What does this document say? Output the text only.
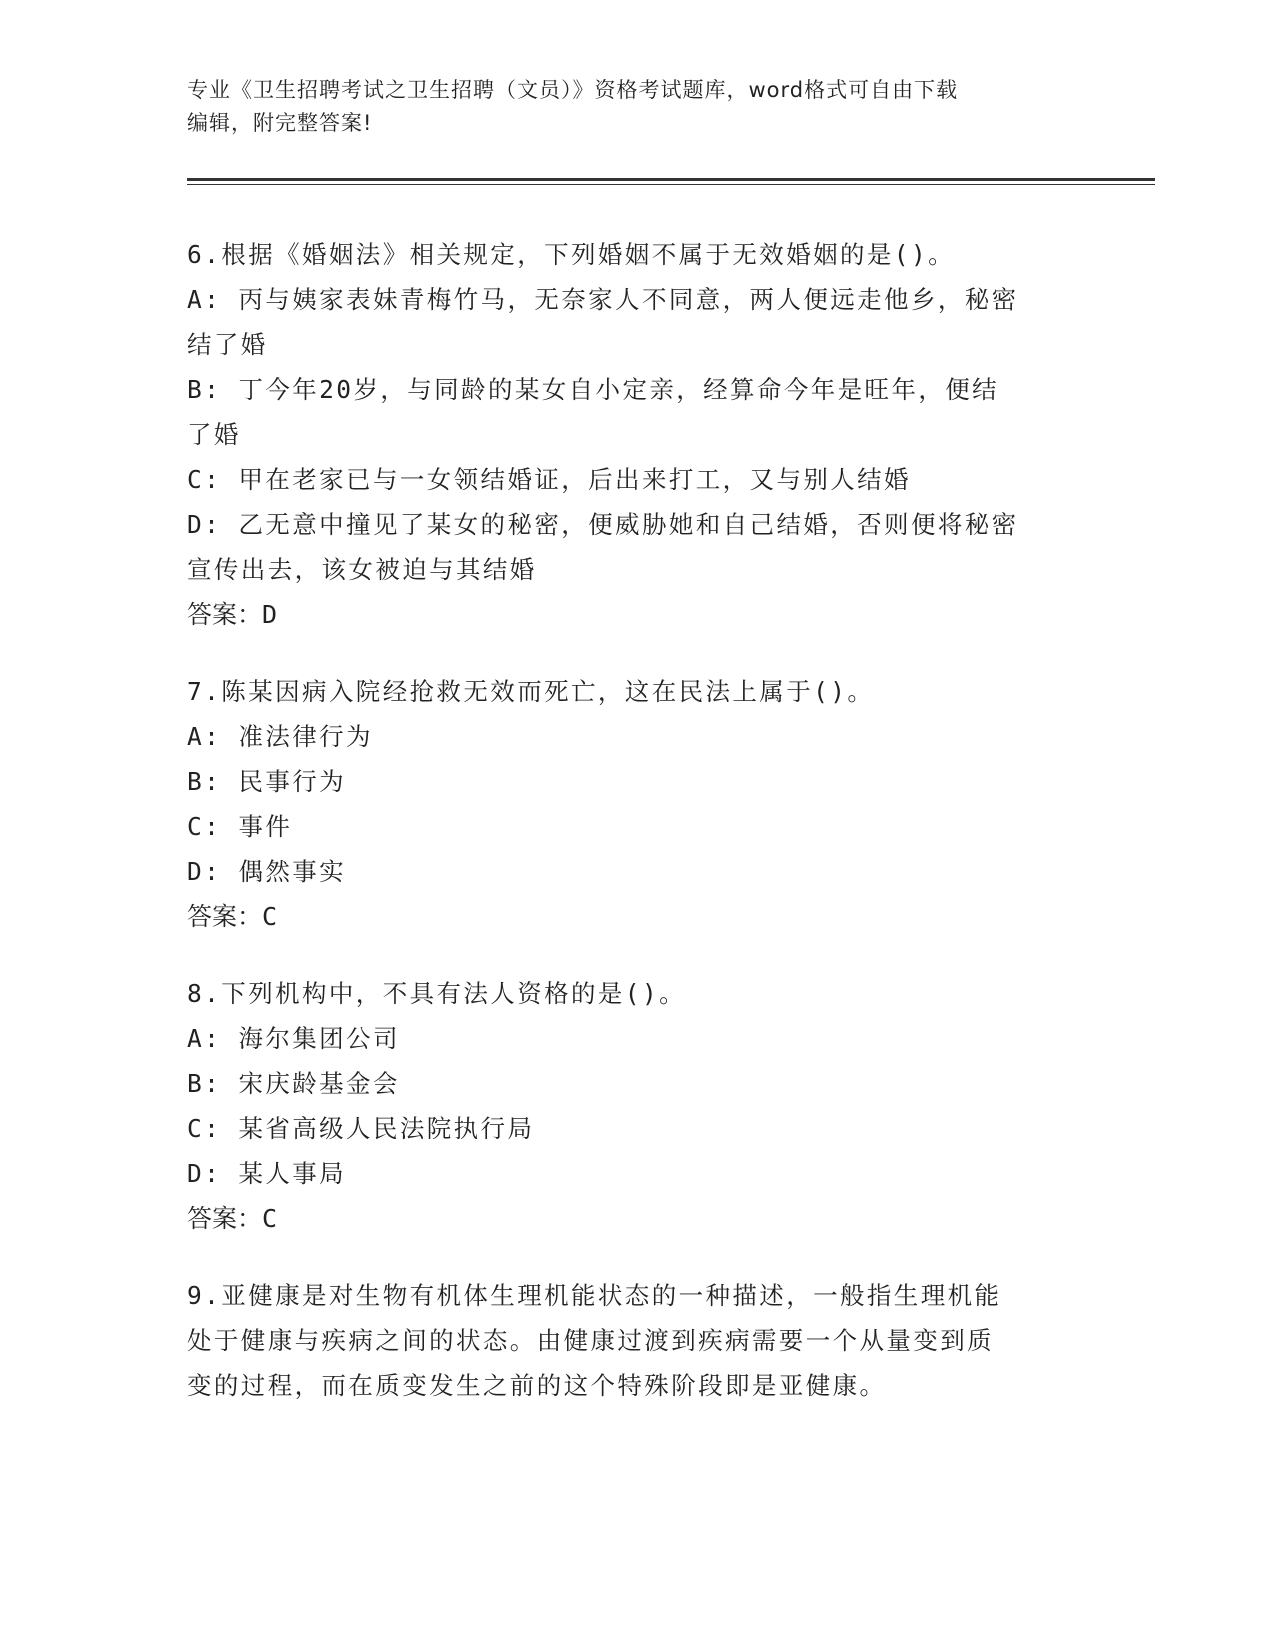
专业《卫生招聘考试之卫生招聘（文员）》资格考试题库，word格式可自由下载
编辑，附完整答案!
6.根据《婚姻法》相关规定，下列婚姻不属于无效婚姻的是()。
A: 丙与姨家表妹青梅竹马，无奈家人不同意，两人便远走他乡，秘密
结了婚
B: 丁今年20岁，与同龄的某女自小定亲，经算命今年是旺年，便结
了婚
C: 甲在老家已与一女领结婚证，后出来打工，又与别人结婚
D: 乙无意中撞见了某女的秘密，便威胁她和自己结婚，否则便将秘密
宣传出去，该女被迫与其结婚
答案：D
7.陈某因病入院经抢救无效而死亡，这在民法上属于()。
A: 准法律行为
B: 民事行为
C: 事件
D: 偶然事实
答案：C
8.下列机构中，不具有法人资格的是()。
A: 海尔集团公司
B: 宋庆龄基金会
C: 某省高级人民法院执行局
D: 某人事局
答案：C
9.亚健康是对生物有机体生理机能状态的一种描述，一般指生理机能
处于健康与疾病之间的状态。由健康过渡到疾病需要一个从量变到质
变的过程，而在质变发生之前的这个特殊阶段即是亚健康。
